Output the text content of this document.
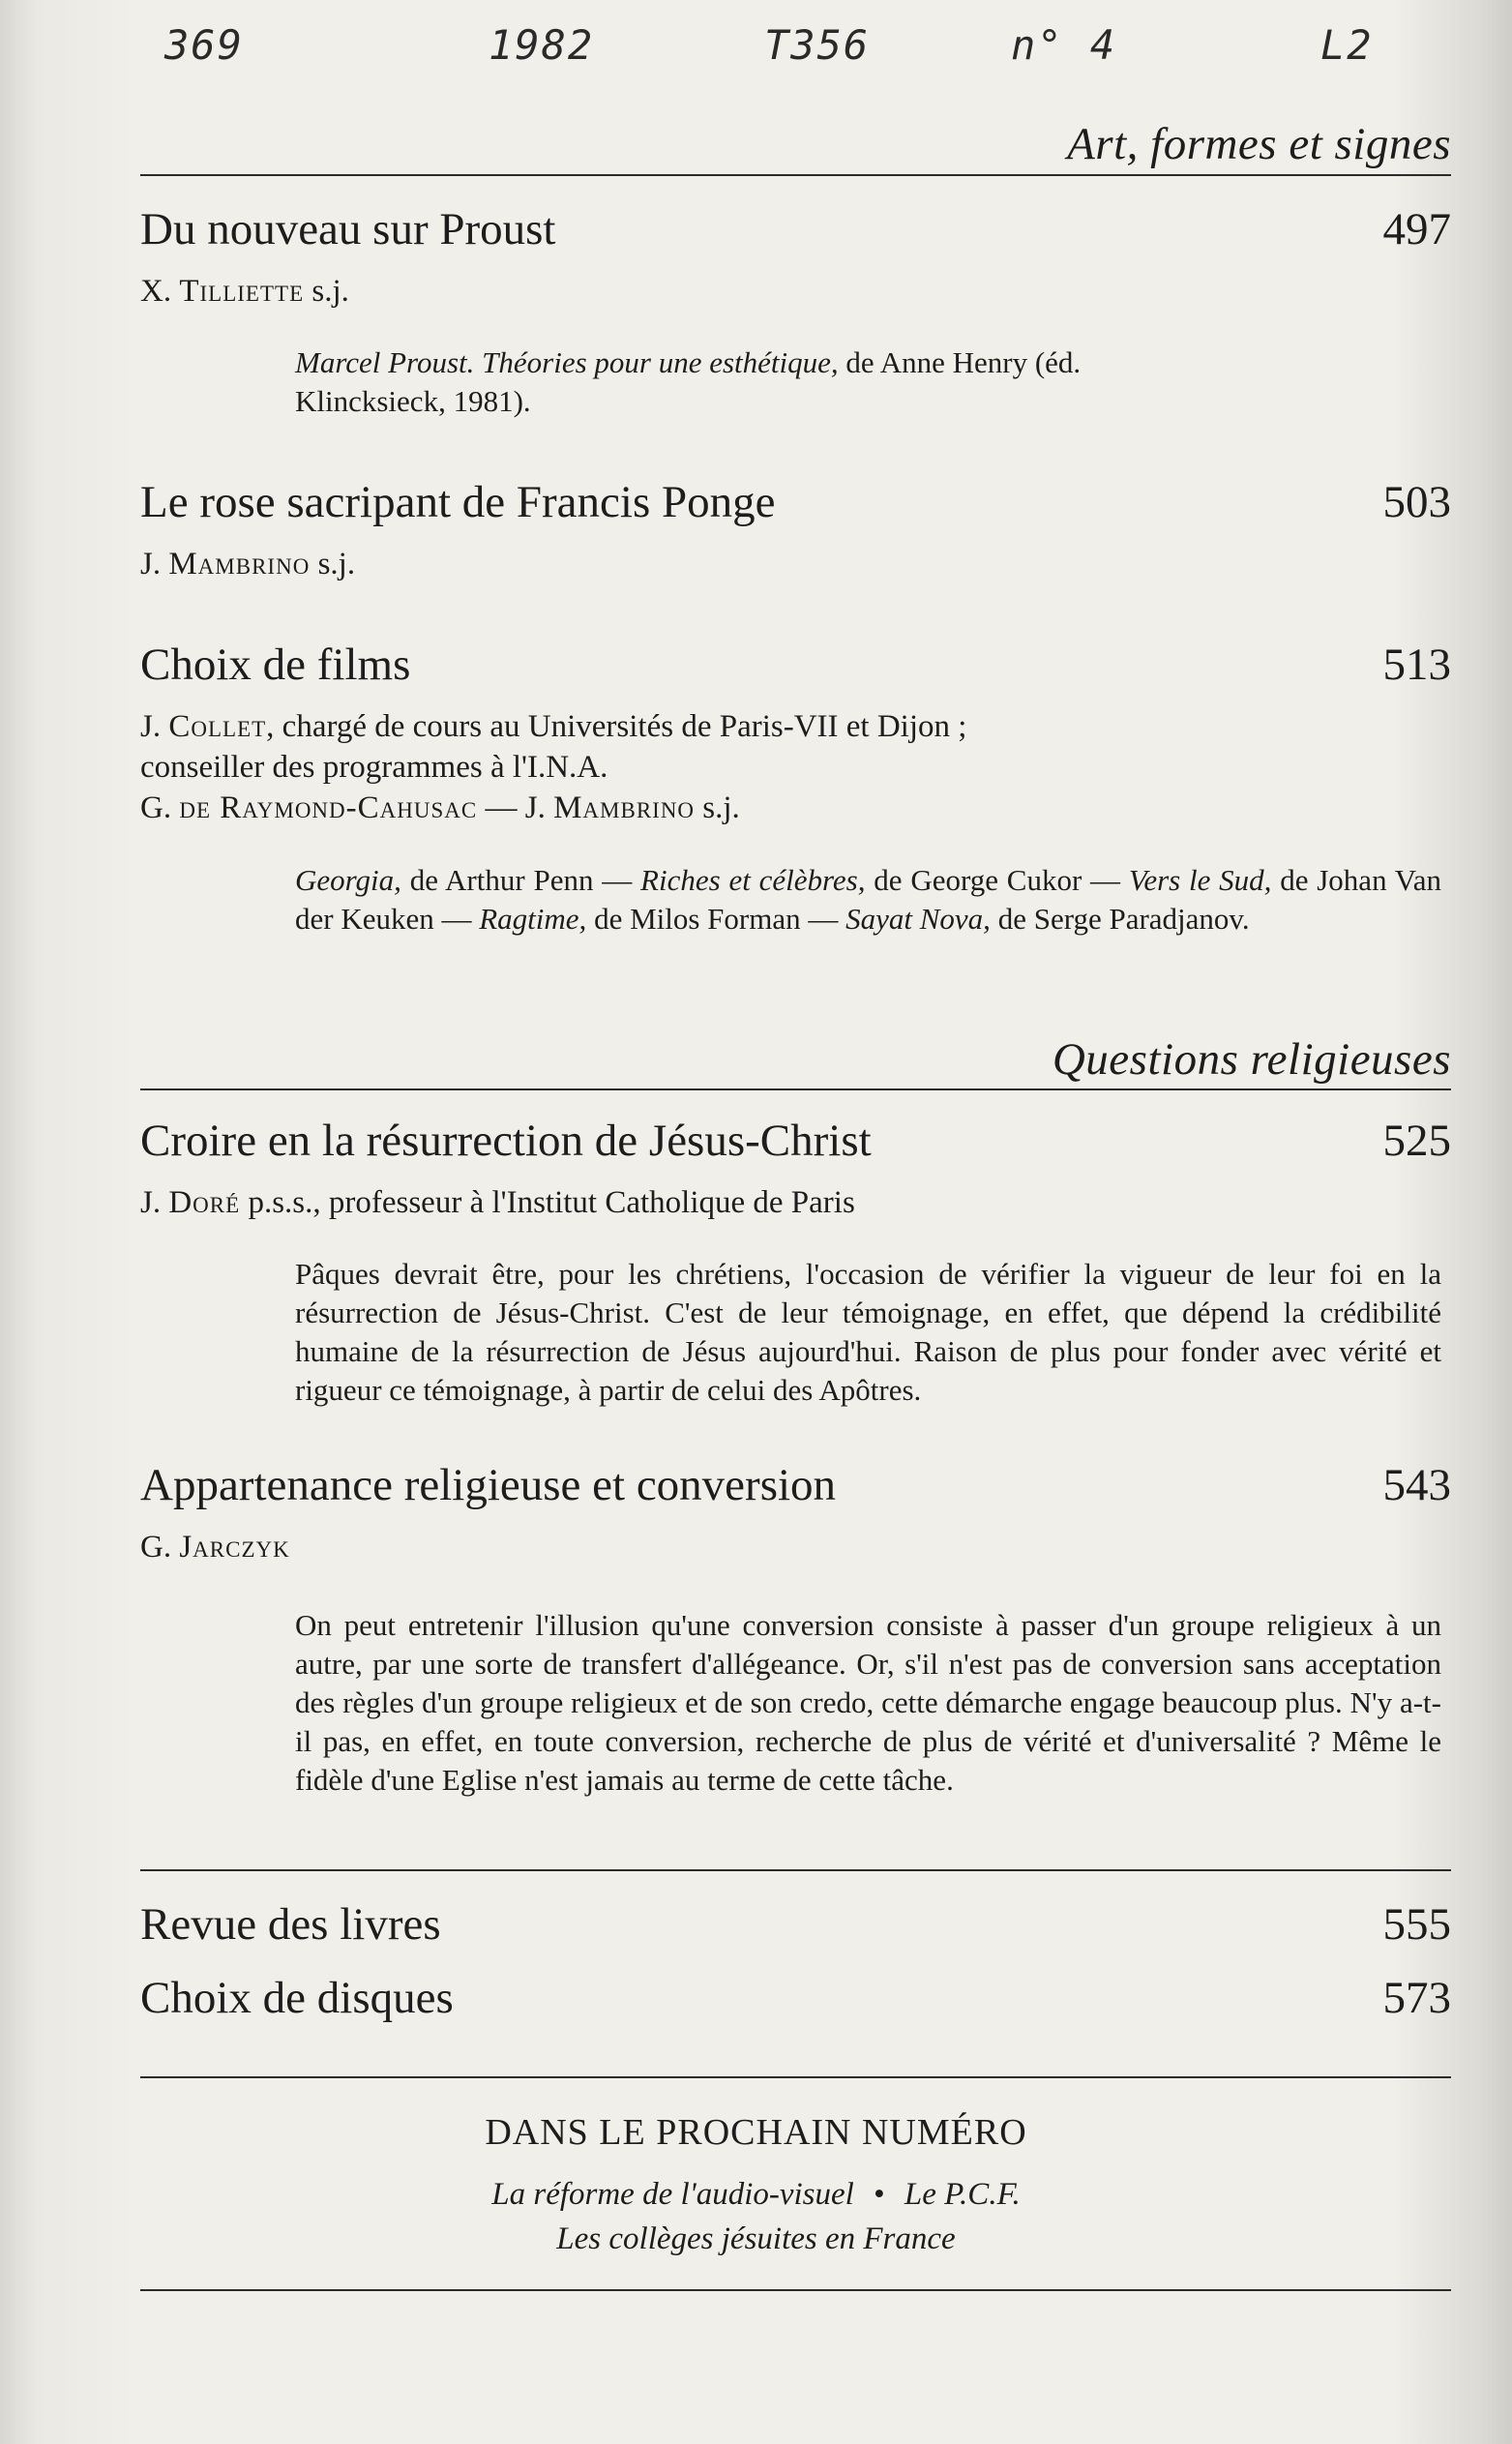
369	1982	T356	n° 4	L2
Art, formes et signes
Du nouveau sur Proust	497
X. Tilliette s.j.
Marcel Proust. Théories pour une esthétique, de Anne Henry (éd. Klincksieck, 1981).
Le rose sacripant de Francis Ponge	503
J. Mambrino s.j.
Choix de films	513
J. Collet, chargé de cours au Universités de Paris-VII et Dijon ;
conseiller des programmes à l'I.N.A.
G. de Raymond-Cahusac — J. Mambrino s.j.
Georgia, de Arthur Penn — Riches et célèbres, de George Cukor — Vers le Sud, de Johan Van der Keuken — Ragtime, de Milos Forman — Sayat Nova, de Serge Paradjanov.
Questions religieuses
Croire en la résurrection de Jésus-Christ	525
J. Doré p.s.s., professeur à l'Institut Catholique de Paris
Pâques devrait être, pour les chrétiens, l'occasion de vérifier la vigueur de leur foi en la résurrection de Jésus-Christ. C'est de leur témoignage, en effet, que dépend la crédibilité humaine de la résurrection de Jésus aujourd'hui. Raison de plus pour fonder avec vérité et rigueur ce témoignage, à partir de celui des Apôtres.
Appartenance religieuse et conversion	543
G. Jarczyk
On peut entretenir l'illusion qu'une conversion consiste à passer d'un groupe religieux à un autre, par une sorte de transfert d'allégeance. Or, s'il n'est pas de conversion sans acceptation des règles d'un groupe religieux et de son credo, cette démarche engage beaucoup plus. N'y a-t-il pas, en effet, en toute conversion, recherche de plus de vérité et d'universalité ? Même le fidèle d'une Eglise n'est jamais au terme de cette tâche.
Revue des livres	555
Choix de disques	573
DANS LE PROCHAIN NUMÉRO
La réforme de l'audio-visuel • Le P.C.F.
Les collèges jésuites en France
